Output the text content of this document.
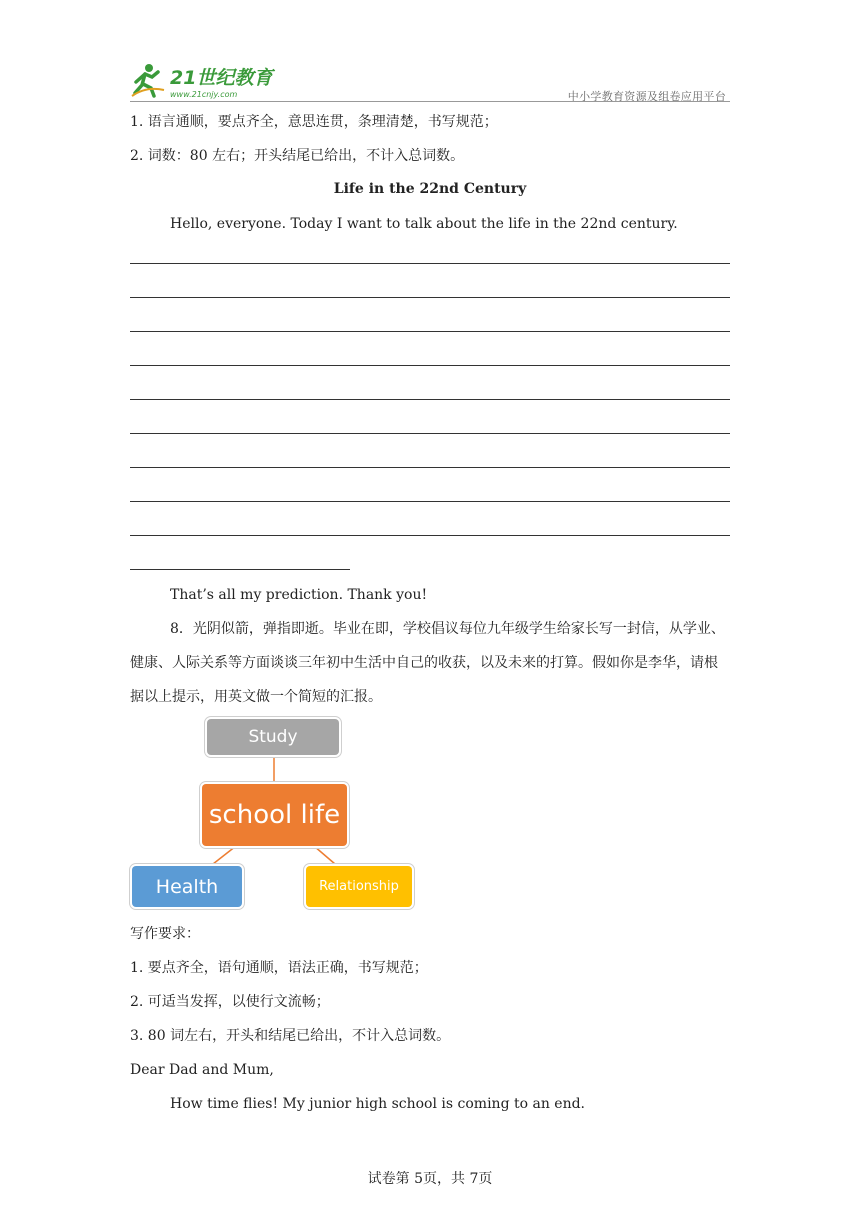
21世纪教育
www.21cnjy.com	中小学教育资源及组卷应用平台
1. 语言通顺，要点齐全，意思连贯，条理清楚，书写规范；
2. 词数：80 左右；开头结尾已给出，不计入总词数。
Life in the 22nd Century
Hello, everyone. Today I want to talk about the life in the 22nd century.
That’s all my prediction. Thank you!
8．光阴似箭，弹指即逝。毕业在即，学校倡议每位九年级学生给家长写一封信，从学业、健康、人际关系等方面谈谈三年初中生活中自己的收获，以及未来的打算。假如你是李华，请根据以上提示，用英文做一个简短的汇报。
Study
school life
Health	Relationship
写作要求：
1. 要点齐全，语句通顺，语法正确，书写规范；
2. 可适当发挥，以使行文流畅；
3. 80 词左右，开头和结尾已给出，不计入总词数。
Dear Dad and Mum,
How time flies! My junior high school is coming to an end.
试卷第 5页，共 7页
